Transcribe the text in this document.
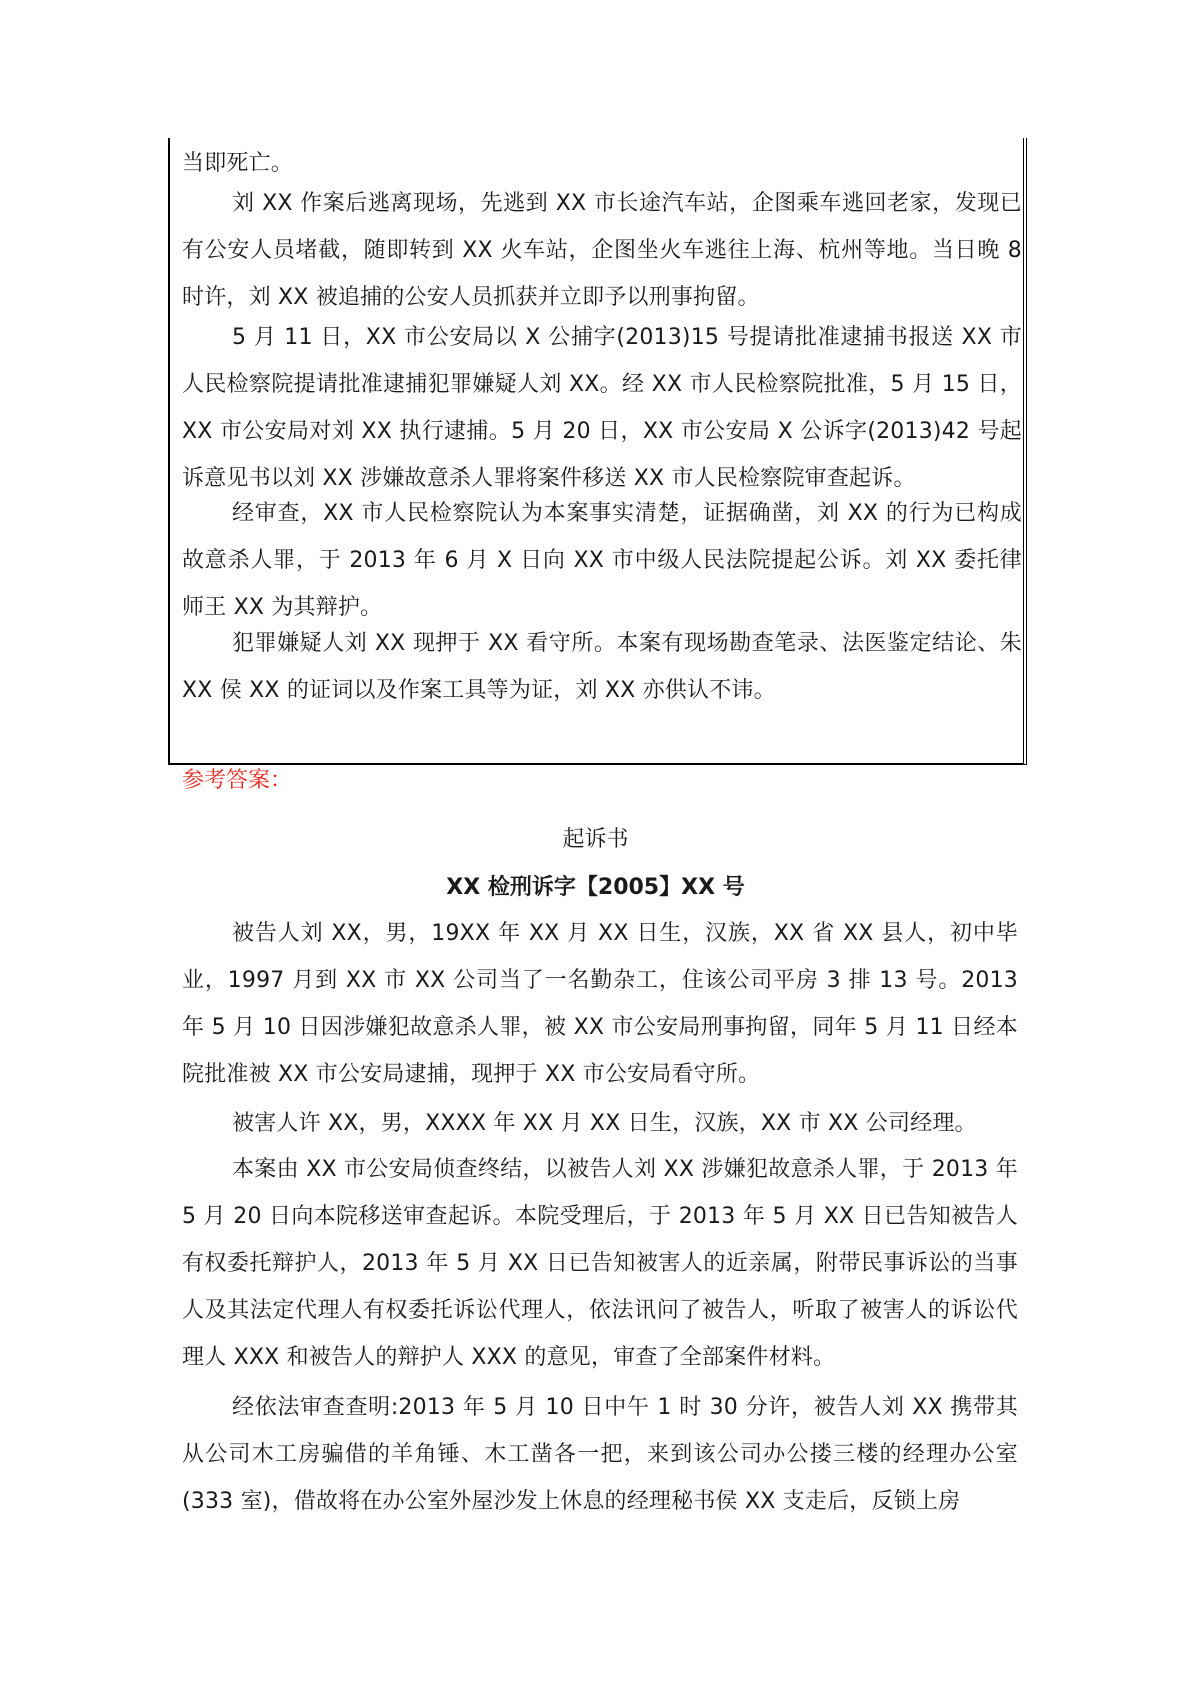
当即死亡。

刘 XX 作案后逃离现场，先逃到 XX 市长途汽车站，企图乘车逃回老家，发现已有公安人员堵截，随即转到 XX 火车站，企图坐火车逃往上海、杭州等地。当日晚 8 时许，刘 XX 被追捕的公安人员抓获并立即予以刑事拘留。

5 月 11 日，XX 市公安局以 X 公捕字(2013)15 号提请批准逮捕书报送 XX 市人民检察院提请批准逮捕犯罪嫌疑人刘 XX。经 XX 市人民检察院批准，5 月 15 日，XX 市公安局对刘 XX 执行逮捕。5 月 20 日，XX 市公安局 X 公诉字(2013)42 号起诉意见书以刘 XX 涉嫌故意杀人罪将案件移送 XX 市人民检察院审查起诉。

经审查，XX 市人民检察院认为本案事实清楚，证据确凿，刘 XX 的行为已构成故意杀人罪，于 2013 年 6 月 X 日向 XX 市中级人民法院提起公诉。刘 XX 委托律师王 XX 为其辩护。

犯罪嫌疑人刘 XX 现押于 XX 看守所。本案有现场勘查笔录、法医鉴定结论、朱 XX 侯 XX 的证词以及作案工具等为证，刘 XX 亦供认不讳。

参考答案：

起诉书

XX 检刑诉字【2005】XX 号

被告人刘 XX，男，19XX 年 XX 月 XX 日生，汉族，XX 省 XX 县人，初中毕业，1997 月到 XX 市 XX 公司当了一名勤杂工，住该公司平房 3 排 13 号。2013 年 5 月 10 日因涉嫌犯故意杀人罪，被 XX 市公安局刑事拘留，同年 5 月 11 日经本院批准被 XX 市公安局逮捕，现押于 XX 市公安局看守所。

被害人许 XX，男，XXXX 年 XX 月 XX 日生，汉族，XX 市 XX 公司经理。

本案由 XX 市公安局侦查终结，以被告人刘 XX 涉嫌犯故意杀人罪，于 2013 年 5 月 20 日向本院移送审查起诉。本院受理后，于 2013 年 5 月 XX 日已告知被告人有权委托辩护人，2013 年 5 月 XX 日已告知被害人的近亲属，附带民事诉讼的当事人及其法定代理人有权委托诉讼代理人，依法讯问了被告人，听取了被害人的诉讼代理人 XXX 和被告人的辩护人 XXX 的意见，审查了全部案件材料。

经依法审查查明:2013 年 5 月 10 日中午 1 时 30 分许，被告人刘 XX 携带其从公司木工房骗借的羊角锤、木工凿各一把，来到该公司办公搂三楼的经理办公室(333 室)，借故将在办公室外屋沙发上休息的经理秘书侯 XX 支走后，反锁上房
